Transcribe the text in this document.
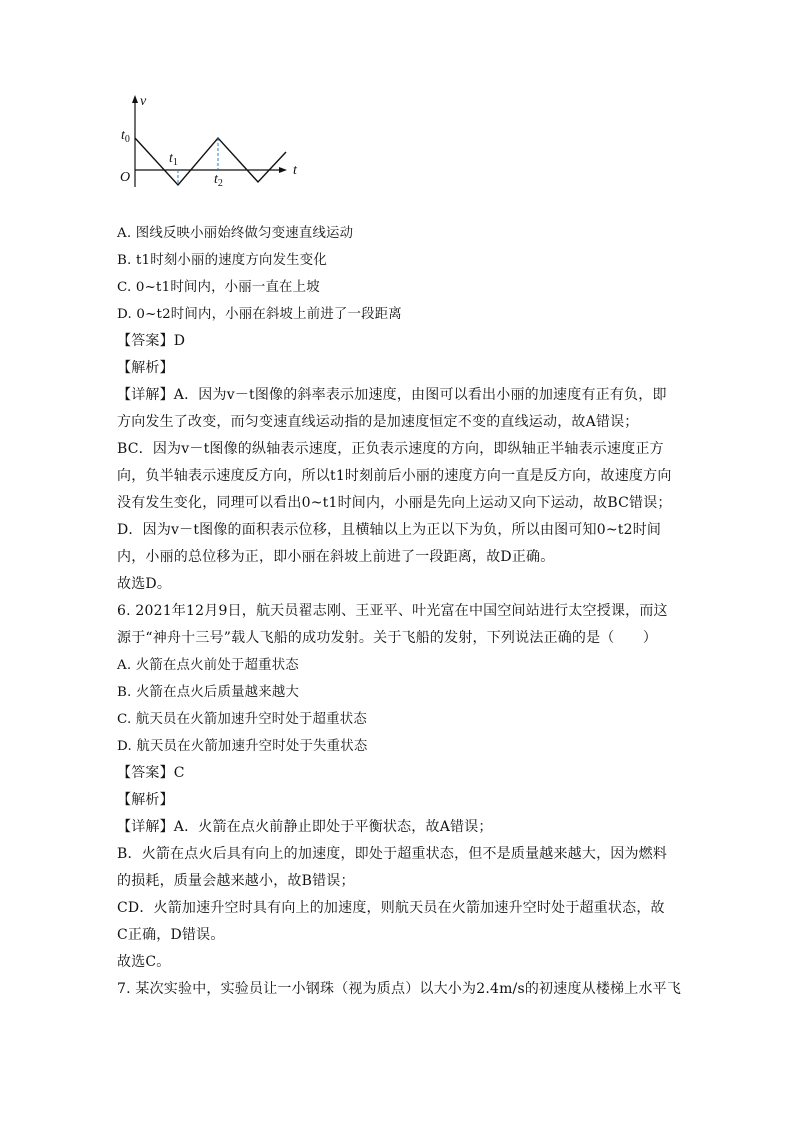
v
t
O
$t_0$
$t_1$
$t_2$
A. 图线反映小丽始终做匀变速直线运动
B. t1时刻小丽的速度方向发生变化
C. 0~t1时间内，小丽一直在上坡
D. 0~t2时间内，小丽在斜坡上前进了一段距离
【答案】D
【解析】
【详解】A．因为v－t图像的斜率表示加速度，由图可以看出小丽的加速度有正有负，即
方向发生了改变，而匀变速直线运动指的是加速度恒定不变的直线运动，故A错误；
BC．因为v－t图像的纵轴表示速度，正负表示速度的方向，即纵轴正半轴表示速度正方
向，负半轴表示速度反方向，所以t1时刻前后小丽的速度方向一直是反方向，故速度方向
没有发生变化，同理可以看出0~t1时间内，小丽是先向上运动又向下运动，故BC错误；
D．因为v－t图像的面积表示位移，且横轴以上为正以下为负，所以由图可知0~t2时间
内，小丽的总位移为正，即小丽在斜坡上前进了一段距离，故D正确。
故选D。
6. 2021年12月9日，航天员翟志刚、王亚平、叶光富在中国空间站进行太空授课，而这
源于“神舟十三号”载人飞船的成功发射。关于飞船的发射，下列说法正确的是（　　）
A. 火箭在点火前处于超重状态
B. 火箭在点火后质量越来越大
C. 航天员在火箭加速升空时处于超重状态
D. 航天员在火箭加速升空时处于失重状态
【答案】C
【解析】
【详解】A．火箭在点火前静止即处于平衡状态，故A错误；
B．火箭在点火后具有向上的加速度，即处于超重状态，但不是质量越来越大，因为燃料
的损耗，质量会越来越小，故B错误；
CD．火箭加速升空时具有向上的加速度，则航天员在火箭加速升空时处于超重状态，故
C正确，D错误。
故选C。
7. 某次实验中，实验员让一小钢珠（视为质点）以大小为2.4m/s的初速度从楼梯上水平飞
